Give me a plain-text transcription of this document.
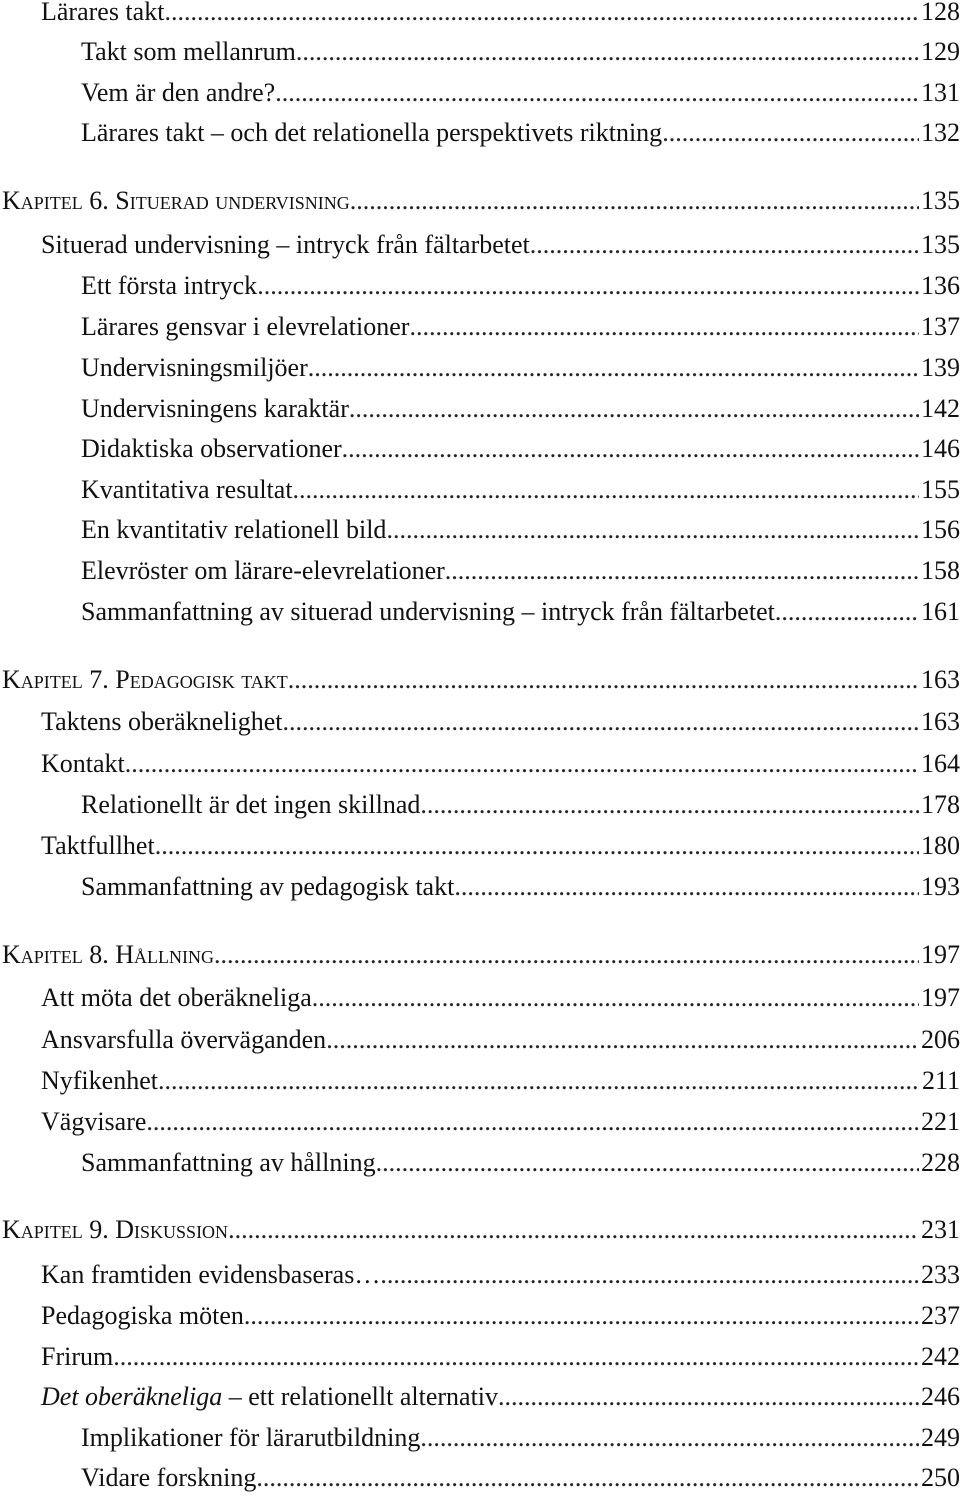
Lärares takt .....	128
Takt som mellanrum .....	129
Vem är den andre? .....	131
Lärares takt – och det relationella perspektivets riktning .....	132
Kapitel 6. Situerad undervisning .....	135
Situerad undervisning – intryck från fältarbetet .....	135
Ett första intryck .....	136
Lärares gensvar i elevrelationer .....	137
Undervisningsmiljöer .....	139
Undervisningens karaktär .....	142
Didaktiska observationer .....	146
Kvantitativa resultat .....	155
En kvantitativ relationell bild .....	156
Elevröster om lärare-elevrelationer .....	158
Sammanfattning av situerad undervisning – intryck från fältarbetet .....	161
Kapitel 7. Pedagogisk takt .....	163
Taktens oberäknelighet .....	163
Kontakt .....	164
Relationellt är det ingen skillnad .....	178
Taktfullhet .....	180
Sammanfattning av pedagogisk takt .....	193
Kapitel 8. Hållning .....	197
Att möta det oberäkneliga .....	197
Ansvarsfulla överväganden .....	206
Nyfikenhet .....	211
Vägvisare .....	221
Sammanfattning av hållning .....	228
Kapitel 9. Diskussion .....	231
Kan framtiden evidensbaseras… .....	233
Pedagogiska möten .....	237
Frirum .....	242
Det oberäkneliga – ett relationellt alternativ .....	246
Implikationer för lärarutbildning .....	249
Vidare forskning .....	250
